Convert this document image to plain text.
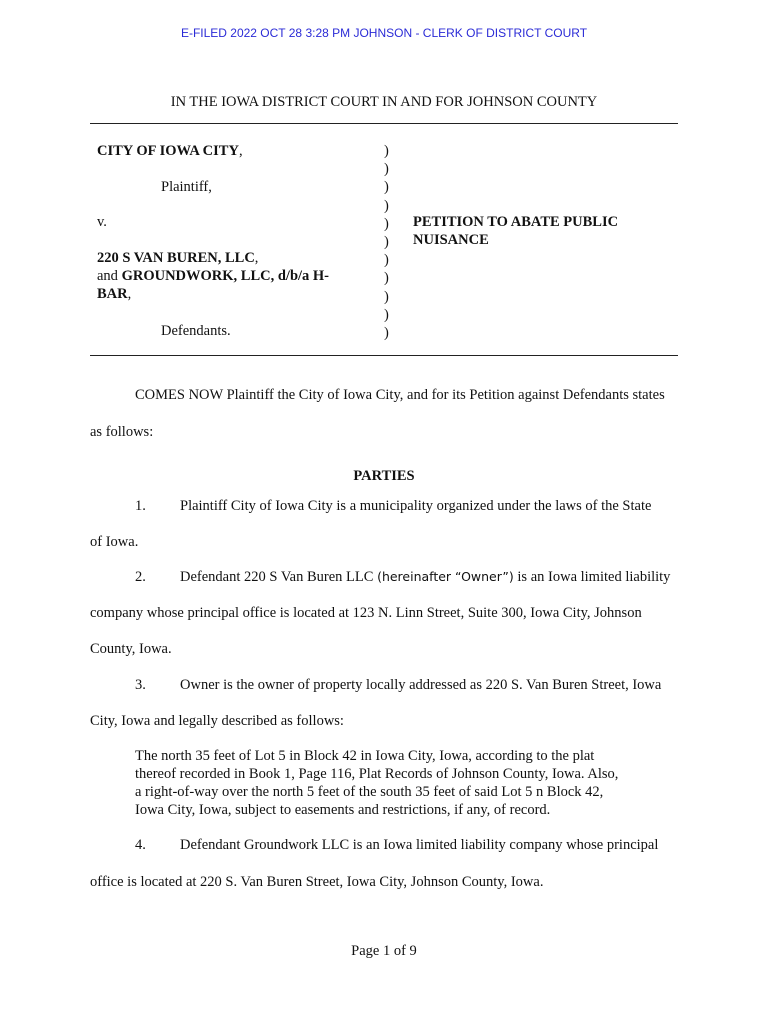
E-FILED 2022 OCT 28 3:28 PM JOHNSON - CLERK OF DISTRICT COURT
IN THE IOWA DISTRICT COURT IN AND FOR JOHNSON COUNTY
CITY OF IOWA CITY,
Plaintiff,
v.
220 S VAN BUREN, LLC,
and GROUNDWORK, LLC, d/b/a H-
BAR,
Defendants.
)
)
)
)
)
)
)
)
)
)
)
PETITION TO ABATE PUBLIC
NUISANCE
COMES NOW Plaintiff the City of Iowa City, and for its Petition against Defendants states
as follows:
PARTIES
1. Plaintiff City of Iowa City is a municipality organized under the laws of the State
of Iowa.
2. Defendant 220 S Van Buren LLC (hereinafter “Owner”) is an Iowa limited liability
company whose principal office is located at 123 N. Linn Street, Suite 300, Iowa City, Johnson
County, Iowa.
3. Owner is the owner of property locally addressed as 220 S. Van Buren Street, Iowa
City, Iowa and legally described as follows:
The north 35 feet of Lot 5 in Block 42 in Iowa City, Iowa, according to the plat
thereof recorded in Book 1, Page 116, Plat Records of Johnson County, Iowa. Also,
a right-of-way over the north 5 feet of the south 35 feet of said Lot 5 n Block 42,
Iowa City, Iowa, subject to easements and restrictions, if any, of record.
4. Defendant Groundwork LLC is an Iowa limited liability company whose principal
office is located at 220 S. Van Buren Street, Iowa City, Johnson County, Iowa.
Page 1 of 9
